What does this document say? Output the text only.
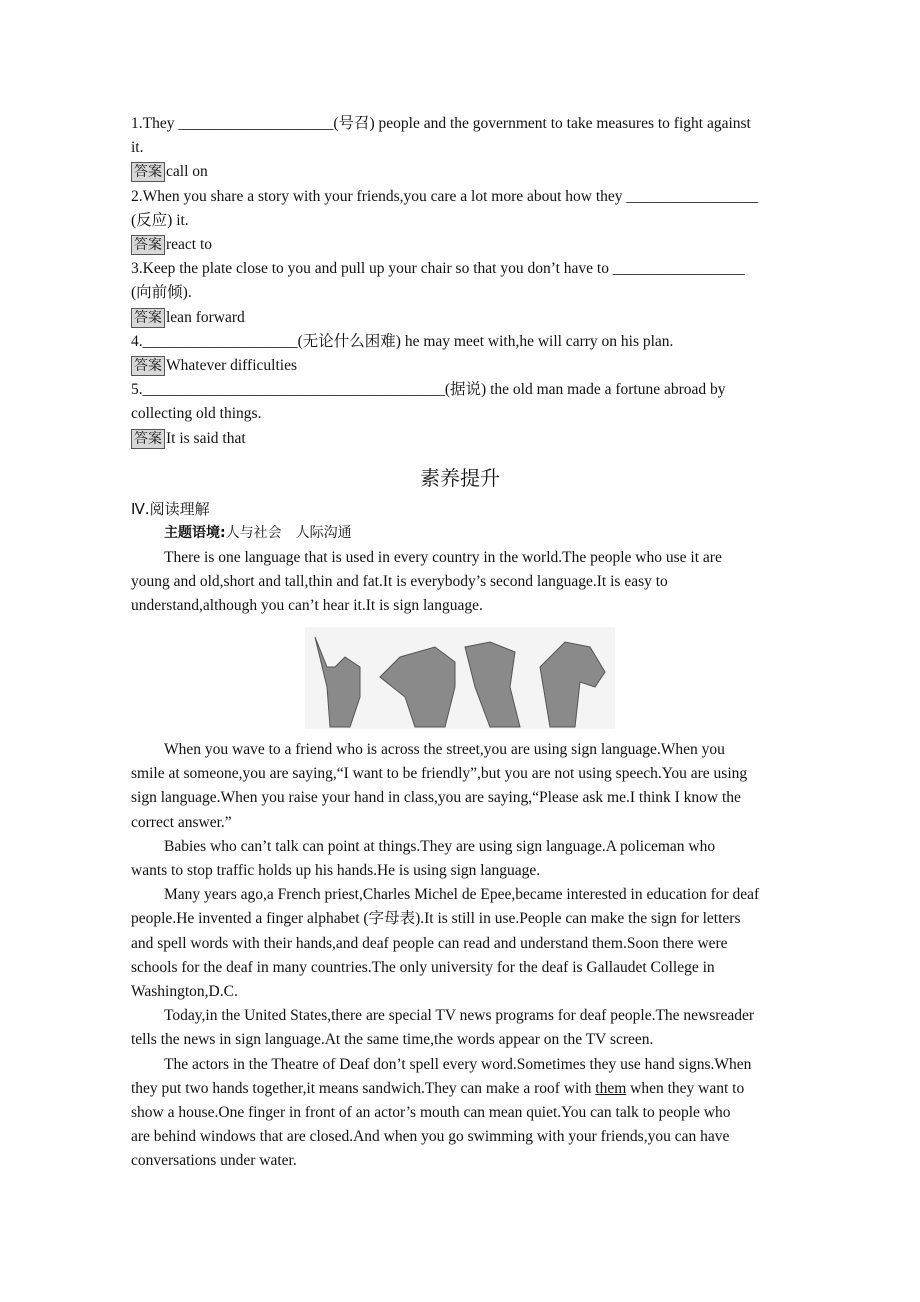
素养提升
Ⅳ.阅读理解
主题语境:人与社会　人际沟通
1.They ____________________(号召) people and the government to take measures to fight against
it.
答案 call on
2.When you share a story with your friends,you care a lot more about how they _________________
(反应) it.
答案 react to
3.Keep the plate close to you and pull up your chair so that you don’t have to _________________
(向前倾).
答案 lean forward
4.____________________(无论什么困难) he may meet with,he will carry on his plan.
答案 Whatever difficulties
5._______________________________________(据说) the old man made a fortune abroad by
collecting old things.
答案 It is said that
There is one language that is used in every country in the world.The people who use it are
young and old,short and tall,thin and fat.It is everybody’s second language.It is easy to
understand,although you can’t hear it.It is sign language.
When you wave to a friend who is across the street,you are using sign language.When you
smile at someone,you are saying,“I want to be friendly”,but you are not using speech.You are using
sign language.When you raise your hand in class,you are saying,“Please ask me.I think I know the
correct answer.”
Babies who can’t talk can point at things.They are using sign language.A policeman who
wants to stop traffic holds up his hands.He is using sign language.
Many years ago,a French priest,Charles Michel de Epee,became interested in education for deaf
people.He invented a finger alphabet (字母表).It is still in use.People can make the sign for letters
and spell words with their hands,and deaf people can read and understand them.Soon there were
schools for the deaf in many countries.The only university for the deaf is Gallaudet College in
Washington,D.C.
Today,in the United States,there are special TV news programs for deaf people.The newsreader
tells the news in sign language.At the same time,the words appear on the TV screen.
The actors in the Theatre of Deaf don’t spell every word.Sometimes they use hand signs.When
they put two hands together,it means sandwich.They can make a roof with them when they want to
show a house.One finger in front of an actor’s mouth can mean quiet.You can talk to people who
are behind windows that are closed.And when you go swimming with your friends,you can have
conversations under water.
